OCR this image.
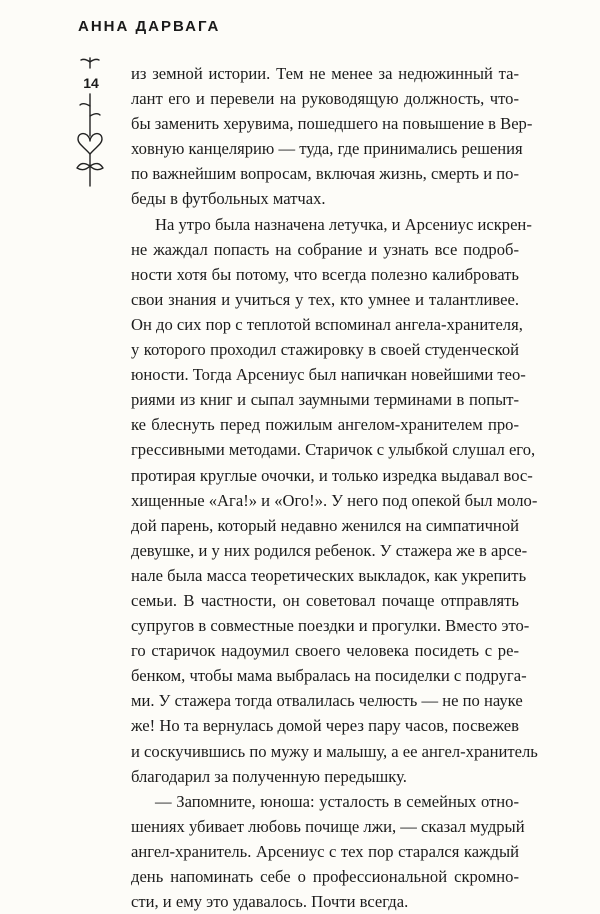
АННА ДАРВАГА
14	из земной истории. Тем не менее за недюжинный та-
лант его и перевели на руководящую должность, что-
бы заменить херувима, пошедшего на повышение в Вер-
ховную канцелярию — туда, где принимались решения
по важнейшим вопросам, включая жизнь, смерть и по-
беды в футбольных матчах.
На утро была назначена летучка, и Арсениус искрен-
не жаждал попасть на собрание и узнать все подроб-
ности хотя бы потому, что всегда полезно калибровать
свои знания и учиться у тех, кто умнее и талантливее.
Он до сих пор с теплотой вспоминал ангела-хранителя,
у которого проходил стажировку в своей студенческой
юности. Тогда Арсениус был напичкан новейшими тео-
риями из книг и сыпал заумными терминами в попыт-
ке блеснуть перед пожилым ангелом-хранителем про-
грессивными методами. Старичок с улыбкой слушал его,
протирая круглые очочки, и только изредка выдавал вос-
хищенные «Ага!» и «Ого!». У него под опекой был моло-
дой парень, который недавно женился на симпатичной
девушке, и у них родился ребенок. У стажера же в арсе-
нале была масса теоретических выкладок, как укрепить
семьи. В частности, он советовал почаще отправлять
супругов в совместные поездки и прогулки. Вместо это-
го старичок надоумил своего человека посидеть с ре-
бенком, чтобы мама выбралась на посиделки с подруга-
ми. У стажера тогда отвалилась челюсть — не по науке
же! Но та вернулась домой через пару часов, посвежев
и соскучившись по мужу и малышу, а ее ангел-хранитель
благодарил за полученную передышку.
— Запомните, юноша: усталость в семейных отно-
шениях убивает любовь почище лжи, — сказал мудрый
ангел-хранитель. Арсениус с тех пор старался каждый
день напоминать себе о профессиональной скромно-
сти, и ему это удавалось. Почти всегда.
